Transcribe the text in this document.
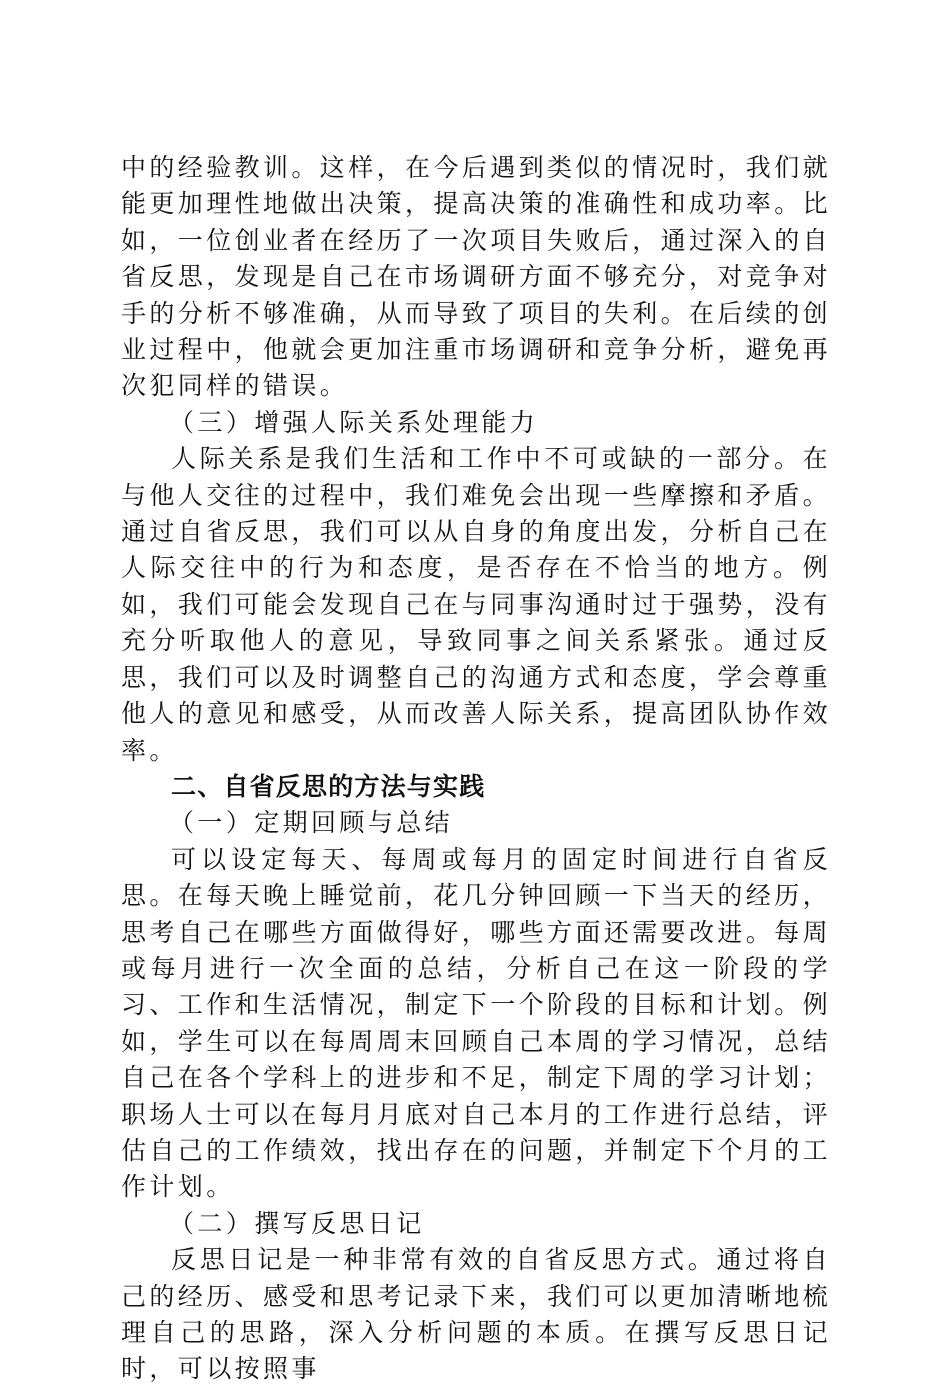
中的经验教训。这样，在今后遇到类似的情况时，我们就能更加理性地做出决策，提高决策的准确性和成功率。比如，一位创业者在经历了一次项目失败后，通过深入的自省反思，发现是自己在市场调研方面不够充分，对竞争对手的分析不够准确，从而导致了项目的失利。在后续的创业过程中，他就会更加注重市场调研和竞争分析，避免再次犯同样的错误。

（三）增强人际关系处理能力

人际关系是我们生活和工作中不可或缺的一部分。在与他人交往的过程中，我们难免会出现一些摩擦和矛盾。通过自省反思，我们可以从自身的角度出发，分析自己在人际交往中的行为和态度，是否存在不恰当的地方。例如，我们可能会发现自己在与同事沟通时过于强势，没有充分听取他人的意见，导致同事之间关系紧张。通过反思，我们可以及时调整自己的沟通方式和态度，学会尊重他人的意见和感受，从而改善人际关系，提高团队协作效率。

二、自省反思的方法与实践

（一）定期回顾与总结

可以设定每天、每周或每月的固定时间进行自省反思。在每天晚上睡觉前，花几分钟回顾一下当天的经历，思考自己在哪些方面做得好，哪些方面还需要改进。每周或每月进行一次全面的总结，分析自己在这一阶段的学习、工作和生活情况，制定下一个阶段的目标和计划。例如，学生可以在每周周末回顾自己本周的学习情况，总结自己在各个学科上的进步和不足，制定下周的学习计划；职场人士可以在每月月底对自己本月的工作进行总结，评估自己的工作绩效，找出存在的问题，并制定下个月的工作计划。

（二）撰写反思日记

反思日记是一种非常有效的自省反思方式。通过将自己的经历、感受和思考记录下来，我们可以更加清晰地梳理自己的思路，深入分析问题的本质。在撰写反思日记时，可以按照事
